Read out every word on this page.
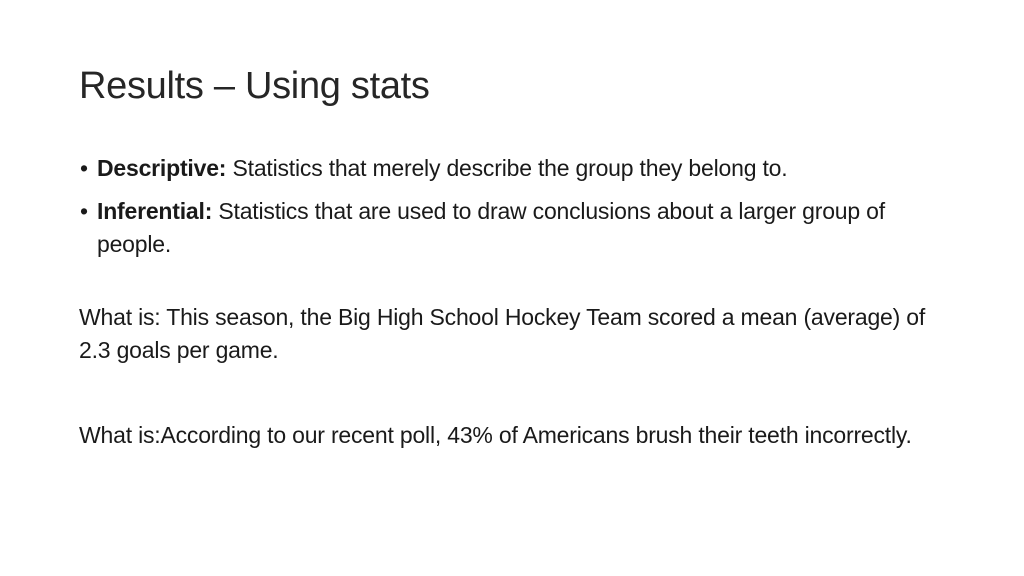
Results – Using stats
• Descriptive: Statistics that merely describe the group they belong to.
• Inferential: Statistics that are used to draw conclusions about a larger group of people.

What is: This season, the Big High School Hockey Team scored a mean (average) of 2.3 goals per game.

What is:According to our recent poll, 43% of Americans brush their teeth incorrectly.
